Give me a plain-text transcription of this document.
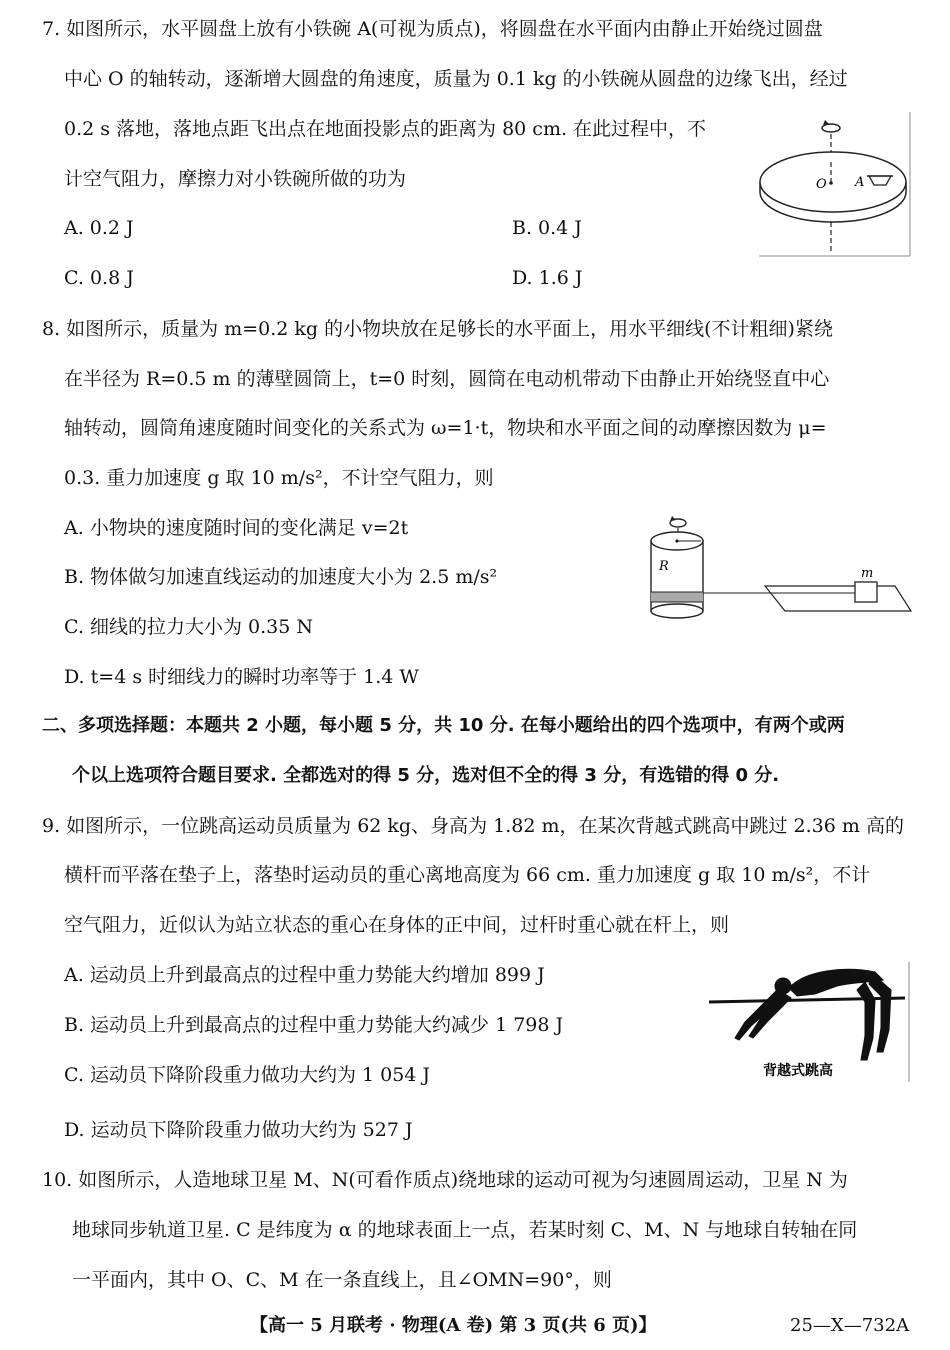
7. 如图所示，水平圆盘上放有小铁碗 A(可视为质点)，将圆盘在水平面内由静止开始绕过圆盘
中心 O 的轴转动，逐渐增大圆盘的角速度，质量为 0.1 kg 的小铁碗从圆盘的边缘飞出，经过
0.2 s 落地，落地点距飞出点在地面投影点的距离为 80 cm. 在此过程中，不
计空气阻力，摩擦力对小铁碗所做的功为
A. 0.2 J	B. 0.4 J
C. 0.8 J	D. 1.6 J
O A
8. 如图所示，质量为 m=0.2 kg 的小物块放在足够长的水平面上，用水平细线(不计粗细)紧绕
在半径为 R=0.5 m 的薄壁圆筒上，t=0 时刻，圆筒在电动机带动下由静止开始绕竖直中心
轴转动，圆筒角速度随时间变化的关系式为 ω=1·t，物块和水平面之间的动摩擦因数为 μ=
0.3. 重力加速度 g 取 10 m/s²，不计空气阻力，则
A. 小物块的速度随时间的变化满足 v=2t
B. 物体做匀加速直线运动的加速度大小为 2.5 m/s²
C. 细线的拉力大小为 0.35 N
D. t=4 s 时细线力的瞬时功率等于 1.4 W
R	m
二、多项选择题：本题共 2 小题，每小题 5 分，共 10 分. 在每小题给出的四个选项中，有两个或两
个以上选项符合题目要求. 全都选对的得 5 分，选对但不全的得 3 分，有选错的得 0 分.
9. 如图所示，一位跳高运动员质量为 62 kg、身高为 1.82 m，在某次背越式跳高中跳过 2.36 m 高的
横杆而平落在垫子上，落垫时运动员的重心离地高度为 66 cm. 重力加速度 g 取 10 m/s²，不计
空气阻力，近似认为站立状态的重心在身体的正中间，过杆时重心就在杆上，则
A. 运动员上升到最高点的过程中重力势能大约增加 899 J
B. 运动员上升到最高点的过程中重力势能大约减少 1 798 J
C. 运动员下降阶段重力做功大约为 1 054 J
D. 运动员下降阶段重力做功大约为 527 J
背越式跳高
10. 如图所示，人造地球卫星 M、N(可看作质点)绕地球的运动可视为匀速圆周运动，卫星 N 为
地球同步轨道卫星. C 是纬度为 α 的地球表面上一点，若某时刻 C、M、N 与地球自转轴在同
一平面内，其中 O、C、M 在一条直线上，且∠OMN=90°，则
【高一 5 月联考 · 物理(A 卷) 第 3 页(共 6 页)】	25—X—732A
